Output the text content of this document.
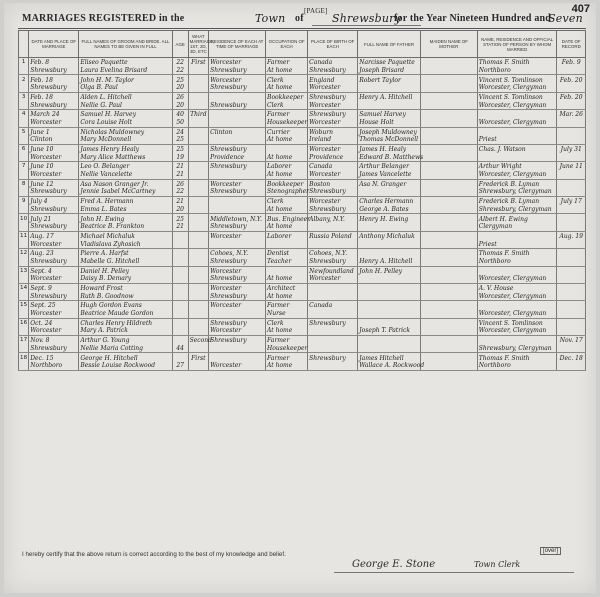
407
MARRIAGES REGISTERED in the	Town of
[PAGE]
Shrewsbury
for the Year Nineteen Hundred and
Seven
	DATE AND PLACE OF MARRIAGE	FULL NAMES OF GROOM AND BRIDE. ALL NAMES TO BE GIVEN IN FULL	AGE	WHAT MARRIAGE, 1ST, 2D, 3D, ETC	RESIDENCE OF EACH AT TIME OF MARRIAGE	OCCUPATION OF EACH	PLACE OF BIRTH OF EACH	FULL NAME OF FATHER	MAIDEN NAME OF MOTHER	NAME, RESIDENCE AND OFFICIAL STATION OF PERSON BY WHOM MARRIED	DATE OF RECORD
1	Feb. 8	Eliseo Paquette	22	First	Worcester	Farmer	Canada	Narcisse Paquette		Thomas F. Smith	Feb. 9
	Shrewsbury	Laura Evelina Brisard	22		Shrewsbury	At home	Shrewsbury	Joseph Brisard		Northboro	
2	Feb. 18	John H. M. Taylor	25		Worcester	Clerk	England	Robert Taylor		Vincent S. Tomlinson	Feb. 20
	Shrewsbury	Olga B. Paul	20		Shrewsbury	At home	Worcester			Worcester, Clergyman	
3	Feb. 18	Alden L. Hitchell	26			Bookkeeper	Shrewsbury	Henry A. Hitchell		Vincent S. Tomlinson	Feb. 20
	Shrewsbury	Nellie G. Paul	20		Shrewsbury	Clerk	Worcester			Worcester, Clergyman	
4	March 24	Samuel H. Harvey	40	Third		Farmer	Shrewsbury	Samuel Harvey			Mar. 26
	Worcester	Cora Louise Holt	50			Housekeeper	Worcester	House Holt		Worcester, Clergyman	
5	June 1	Nicholas Muldowney	24		Clinton	Currier	Woburn	Joseph Muldowney			
	Clinton	Mary McDonnell	25			At home	Ireland	Thomas McDonnell		Priest	
6	June 10	James Henry Healy	25		Shrewsbury		Worcester	James H. Healy		Chas. J. Watson	July 31
	Worcester	Mary Alice Matthews	19		Providence	At home	Providence	Edward B. Matthews			
7	June 10	Leo O. Belanger	21		Shrewsbury	Laborer	Canada	Arthur Belanger		Arthur Wright	June 11
	Worcester	Nellie Vancelette	21			At home	Worcester	James Vancelette		Worcester, Clergyman	
8	June 12	Asa Nason Granger Jr.	26		Worcester	Bookkeeper	Boston	Asa N. Granger		Frederick B. Lyman	
	Shrewsbury	Jennie Isabel McCartney	22		Shrewsbury	Stenographer	Shrewsbury			Shrewsbury, Clergyman	
9	July 4	Fred A. Hermann	21			Clerk	Worcester	Charles Hermann		Frederick B. Lyman	July 17
	Shrewsbury	Emma L. Bates	20			At home	Shrewsbury	George A. Bates		Shrewsbury, Clergyman	
10	July 21	John H. Ewing	25		Middletown, N.Y.	Bus. Engineer	Albany, N.Y.	Henry H. Ewing		Albert H. Ewing	
	Shrewsbury	Beatrice B. Frankton	21		Shrewsbury	At home				Clergyman	
11	Aug. 17	Michael Michaluk			Worcester	Laborer	Russia Poland	Anthony Michaluk			Aug. 19
	Worcester	Vladislava Zyhosich								Priest	
12	Aug. 23	Pierre A. Harfst			Cohoes, N.Y.	Dentist	Cohoes, N.Y.			Thomas F. Smith	
	Shrewsbury	Mabelle G. Hitchell			Shrewsbury	Teacher	Shrewsbury	Henry A. Hitchell		Northboro	
13	Sept. 4	Daniel H. Pelley			Worcester		Newfoundland	John H. Pelley			
	Worcester	Daisy B. Demary			Shrewsbury	At home	Worcester			Worcester, Clergyman	
14	Sept. 9	Howard Frost			Worcester	Architect				A. V. House	
	Shrewsbury	Ruth B. Goodnow			Shrewsbury	At home				Worcester, Clergyman	
15	Sept. 25	Hugh Gordon Evans			Worcester	Farmer	Canada				
	Worcester	Beatrice Maude Gordon				Nurse				Worcester, Clergyman	
16	Oct. 24	Charles Henry Hildreth			Shrewsbury	Clerk	Shrewsbury			Vincent S. Tomlinson	
	Worcester	Mary A. Patrick			Worcester	At home		Joseph T. Patrick		Worcester, Clergyman	
17	Nov. 8	Arthur G. Young		Second	Shrewsbury	Farmer					Nov. 17
	Shrewsbury	Nellie Maria Cotting	44			Housekeeper				Shrewsbury, Clergyman	
18	Dec. 15	George H. Hitchell		First		Farmer	Shrewsbury	James Hitchell		Thomas F. Smith	Dec. 18
	Northboro	Bessie Louise Rockwood	27		Worcester	At home		Wallace A. Rockwood		Northboro	
I hereby certify that the above return is correct according to the best of my knowledge and belief.	[over]
George E. Stone	Town Clerk
